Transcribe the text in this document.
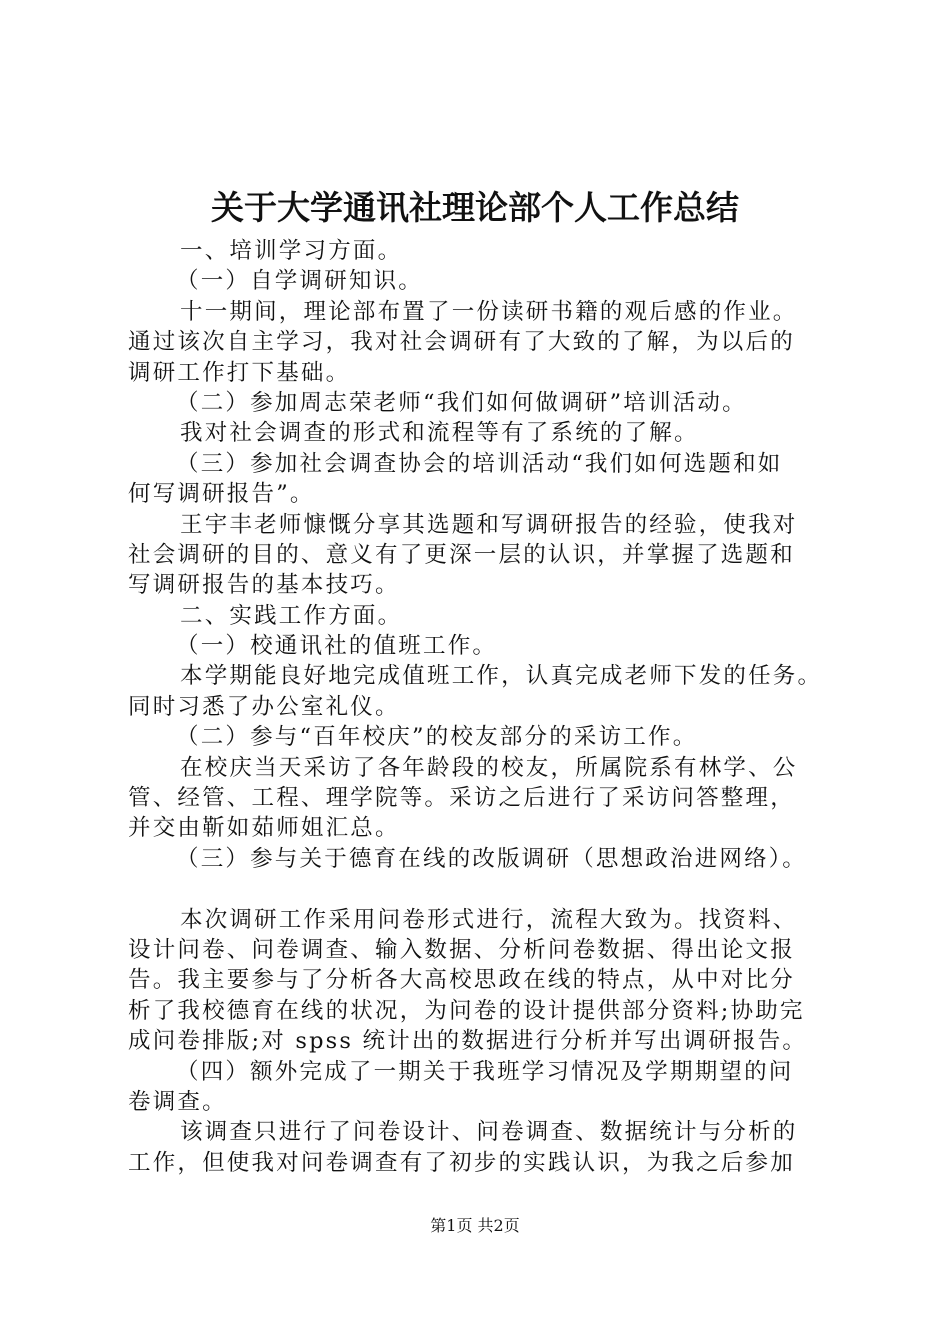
关于大学通讯社理论部个人工作总结
一、培训学习方面。
（一）自学调研知识。
十一期间，理论部布置了一份读研书籍的观后感的作业。
通过该次自主学习，我对社会调研有了大致的了解，为以后的
调研工作打下基础。
（二）参加周志荣老师“我们如何做调研”培训活动。
我对社会调查的形式和流程等有了系统的了解。
（三）参加社会调查协会的培训活动“我们如何选题和如
何写调研报告”。
王宇丰老师慷慨分享其选题和写调研报告的经验，使我对
社会调研的目的、意义有了更深一层的认识，并掌握了选题和
写调研报告的基本技巧。
二、实践工作方面。
（一）校通讯社的值班工作。
本学期能良好地完成值班工作，认真完成老师下发的任务。
同时习悉了办公室礼仪。
（二）参与“百年校庆”的校友部分的采访工作。
在校庆当天采访了各年龄段的校友，所属院系有林学、公
管、经管、工程、理学院等。采访之后进行了采访问答整理，
并交由靳如茹师姐汇总。
（三）参与关于德育在线的改版调研（思想政治进网络）。
本次调研工作采用问卷形式进行，流程大致为。找资料、
设计问卷、问卷调查、输入数据、分析问卷数据、得出论文报
告。我主要参与了分析各大高校思政在线的特点，从中对比分
析了我校德育在线的状况，为问卷的设计提供部分资料;协助完
成问卷排版;对 spss 统计出的数据进行分析并写出调研报告。
（四）额外完成了一期关于我班学习情况及学期期望的问
卷调查。
该调查只进行了问卷设计、问卷调查、数据统计与分析的
工作，但使我对问卷调查有了初步的实践认识，为我之后参加
第1页 共2页
